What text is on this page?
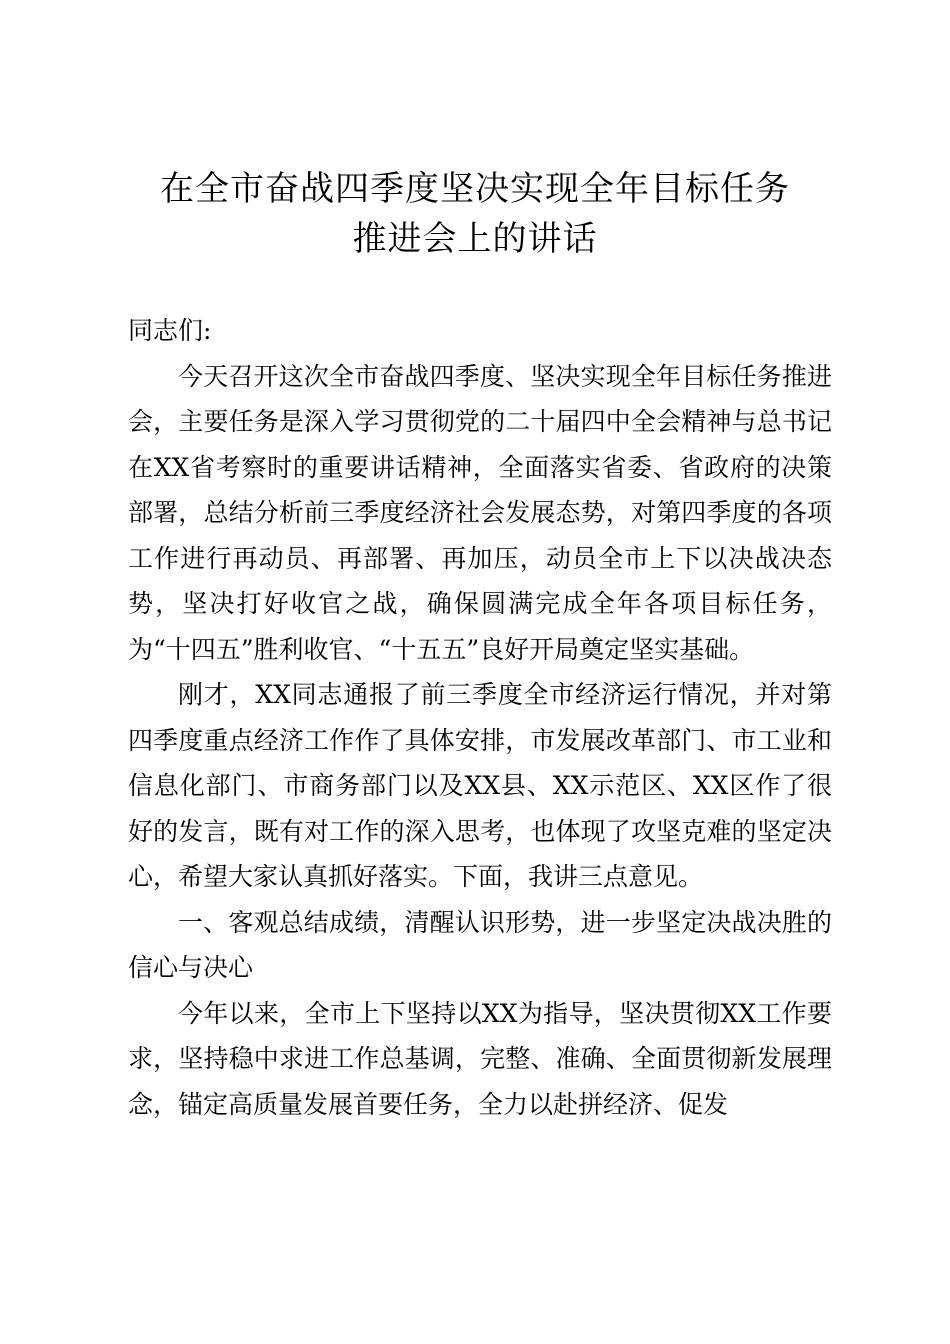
在全市奋战四季度坚决实现全年目标任务
推进会上的讲话

同志们:

今天召开这次全市奋战四季度、坚决实现全年目标任务推进会，主要任务是深入学习贯彻党的二十届四中全会精神与总书记在XX省考察时的重要讲话精神，全面落实省委、省政府的决策部署，总结分析前三季度经济社会发展态势，对第四季度的各项工作进行再动员、再部署、再加压，动员全市上下以决战决态势，坚决打好收官之战，确保圆满完成全年各项目标任务，为“十四五”胜利收官、“十五五”良好开局奠定坚实基础。

刚才，XX同志通报了前三季度全市经济运行情况，并对第四季度重点经济工作作了具体安排，市发展改革部门、市工业和信息化部门、市商务部门以及XX县、XX示范区、XX区作了很好的发言，既有对工作的深入思考，也体现了攻坚克难的坚定决心，希望大家认真抓好落实。下面，我讲三点意见。

一、客观总结成绩，清醒认识形势，进一步坚定决战决胜的信心与决心

今年以来，全市上下坚持以XX为指导，坚决贯彻XX工作要求，坚持稳中求进工作总基调，完整、准确、全面贯彻新发展理念，锚定高质量发展首要任务，全力以赴拼经济、促发
